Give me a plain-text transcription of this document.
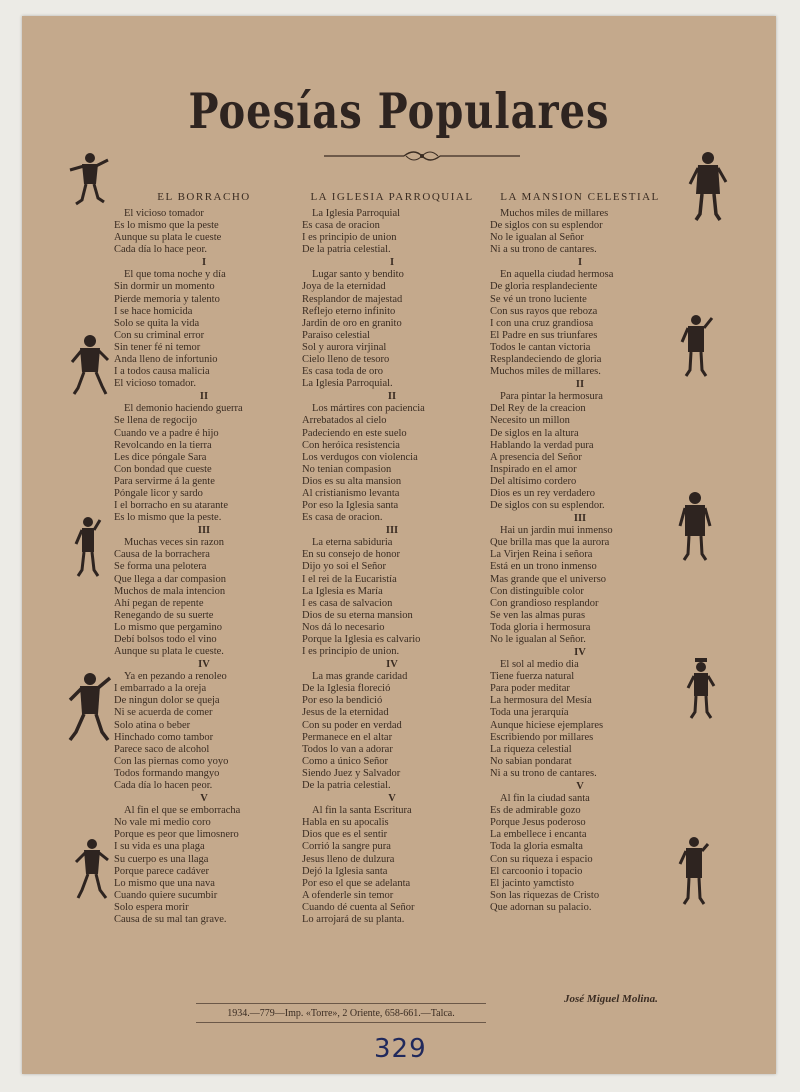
Poesías Populares
EL BORRACHO
El vicioso tomador
Es lo mismo que la peste
Aunque su plata le cueste
Cada día lo hace peor.
I
El que toma noche y día
Sin dormir un momento
Pierde memoria y talento
I se hace homicida
Solo se quita la vida
Con su criminal error
Sin tener fé ni temor
Anda lleno de infortunio
I a todos causa malicia
El vicioso tomador.
II
El demonio haciendo guerra
Se llena de regocijo
Cuando ve a padre é hijo
Revolcando en la tierra
Les dice póngale Sara
Con bondad que cueste
Para servirme á la gente
Póngale licor y sardo
I el borracho en su atarante
Es lo mismo que la peste.
III
Muchas veces sin razon
Causa de la borrachera
Se forma una pelotera
Que llega a dar compasion
Muchos de mala intencion
Ahí pegan de repente
Renegando de su suerte
Lo mismo que pergamino
Debí bolsos todo el vino
Aunque su plata le cueste.
IV
Ya en pezando a renoleo
I embarrado a la oreja
De ningun dolor se queja
Ni se acuerda de comer
Solo atina o beber
Hinchado como tambor
Parece saco de alcohol
Con las piernas como yoyo
Todos formando mangyo
Cada día lo hacen peor.
V
Al fin el que se emborracha
No vale mi medio coro
Porque es peor que limosnero
I su vida es una plaga
Su cuerpo es una llaga
Porque parece cadáver
Lo mismo que una nava
Cuando quiere sucumbir
Solo espera morir
Causa de su mal tan grave.
LA IGLESIA PARROQUIAL
La Iglesia Parroquial
Es casa de oracion
I es principio de union
De la patria celestial.
I
Lugar santo y bendito
Joya de la eternidad
Resplandor de majestad
Reflejo eterno infinito
Jardin de oro en granito
Paraiso celestial
Sol y aurora virjinal
Cielo lleno de tesoro
Es casa toda de oro
La Iglesia Parroquial.
II
Los mártires con paciencia
Arrebatados al cielo
Padeciendo en este suelo
Con heróica resistencia
Los verdugos con violencia
No tenian compasion
Dios es su alta mansion
Al cristianismo levanta
Por eso la Iglesia santa
Es casa de oracion.
III
La eterna sabiduria
En su consejo de honor
Dijo yo soi el Señor
I el rei de la Eucaristía
La Iglesia es María
I es casa de salvacion
Dios de su eterna mansion
Nos dá lo necesario
Porque la Iglesia es calvario
I es principio de union.
IV
La mas grande caridad
De la Iglesia floreció
Por eso la bendició
Jesus de la eternidad
Con su poder en verdad
Permanece en el altar
Todos lo van a adorar
Como a único Señor
Siendo Juez y Salvador
De la patria celestial.
V
Al fin la santa Escritura
Habla en su apocalis
Dios que es el sentir
Corrió la sangre pura
Jesus lleno de dulzura
Dejó la Iglesia santa
Por eso el que se adelanta
A ofenderle sin temor
Cuando dé cuenta al Señor
Lo arrojará de su planta.
LA MANSION CELESTIAL
Muchos miles de millares
De siglos con su esplendor
No le igualan al Señor
Ni a su trono de cantares.
I
En aquella ciudad hermosa
De gloria resplandeciente
Se vé un trono luciente
Con sus rayos que reboza
I con una cruz grandiosa
El Padre en sus triunfares
Todos le cantan victoria
Resplandeciendo de gloria
Muchos miles de millares.
II
Para pintar la hermosura
Del Rey de la creacion
Necesito un millon
De siglos en la altura
Hablando la verdad pura
A presencia del Señor
Inspirado en el amor
Del altísimo cordero
Dios es un rey verdadero
De siglos con su esplendor.
III
Hai un jardin mui inmenso
Que brilla mas que la aurora
La Virjen Reina i señora
Está en un trono inmenso
Mas grande que el universo
Con distinguible color
Con grandioso resplandor
Se ven las almas puras
Toda gloria i hermosura
No le igualan al Señor.
IV
El sol al medio dia
Tiene fuerza natural
Para poder meditar
La hermosura del Mesía
Toda una jerarquía
Aunque hiciese ejemplares
Escribiendo por millares
La riqueza celestial
No sabian pondarat
Ni a su trono de cantares.
V
Al fin la ciudad santa
Es de admirable gozo
Porque Jesus poderoso
La embellece i encanta
Toda la gloria esmalta
Con su riqueza i espacio
El carcoonio i topacio
El jacinto yamctisto
Son las riquezas de Cristo
Que adornan su palacio.
José Miguel Molina.
1934.—779—Imp. «Torre», 2 Oriente, 658-661.—Talca.
329
